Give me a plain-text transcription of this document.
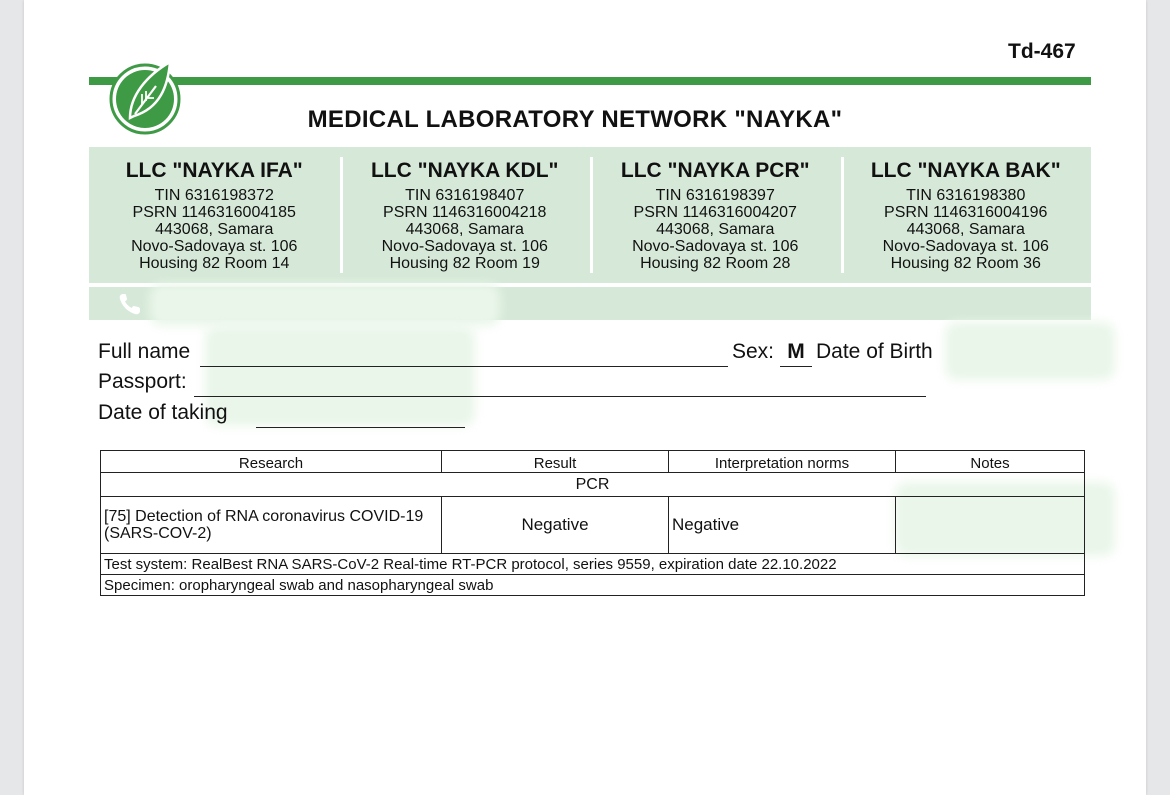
Td-467
MEDICAL LABORATORY NETWORK "NAYKA"
LLC "NAYKA IFA"
TIN 6316198372
PSRN 1146316004185
443068, Samara
Novo-Sadovaya st. 106
Housing 82 Room 14
LLC "NAYKA KDL"
TIN 6316198407
PSRN 1146316004218
443068, Samara
Novo-Sadovaya st. 106
Housing 82 Room 19
LLC "NAYKA PCR"
TIN 6316198397
PSRN 1146316004207
443068, Samara
Novo-Sadovaya st. 106
Housing 82 Room 28
LLC "NAYKA BAK"
TIN 6316198380
PSRN 1146316004196
443068, Samara
Novo-Sadovaya st. 106
Housing 82 Room 36
Full name	Sex: M Date of Birth
Passport:
Date of taking
Research	Result	Interpretation norms	Notes
PCR			
[75] Detection of RNA coronavirus COVID-19 (SARS-COV-2)	Negative	Negative	
Test system: RealBest RNA SARS-CoV-2 Real-time RT-PCR protocol, series 9559, expiration date 22.10.2022			
Specimen: oropharyngeal swab and nasopharyngeal swab			
